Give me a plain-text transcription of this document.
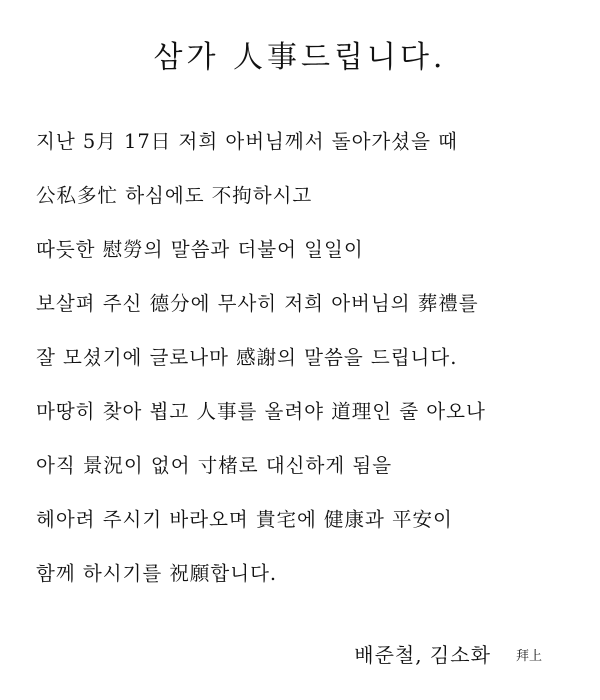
삼가 人事드립니다.
지난 5月 17日 저희 아버님께서 돌아가셨을 때
公私多忙 하심에도 不拘하시고
따듯한 慰勞의 말씀과 더불어 일일이
보살펴 주신 德分에 무사히 저희 아버님의 葬禮를
잘 모셨기에 글로나마 感謝의 말씀을 드립니다.
마땅히 찾아 뵙고 人事를 올려야 道理인 줄 아오나
아직 景況이 없어 寸楮로 대신하게 됨을
헤아려 주시기 바라오며 貴宅에 健康과 平安이
함께 하시기를 祝願합니다.
배준철, 김소화 拜上
